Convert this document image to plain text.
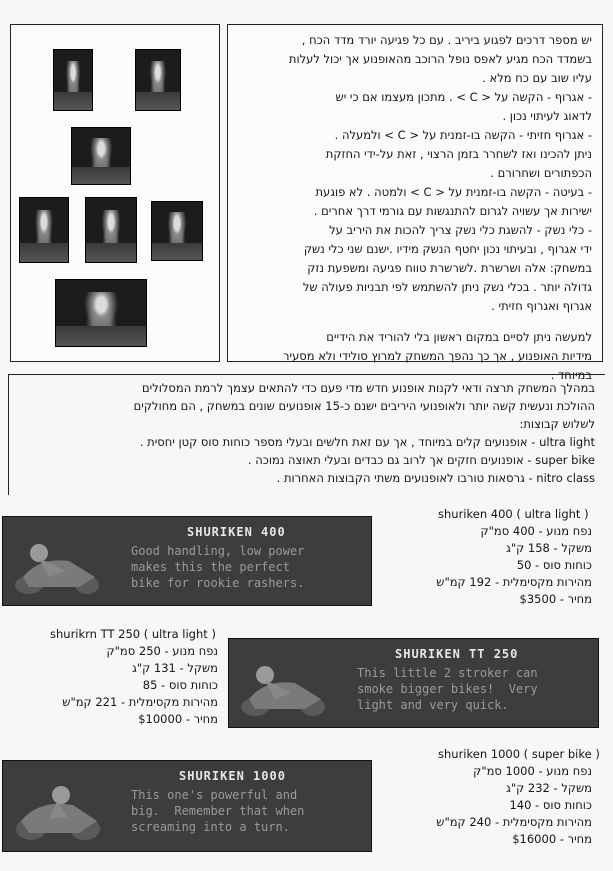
יש מספר דרכים לפגוע ביריב . עם כל פגיעה יורד מדד הכח ,
בשמדד הכח מגיע לאפס נופל הרוכב מהאופנוע אך יכול לעלות
עליו שוב עם כח מלא .

- אגרוף - הקשה על < C > . מתכון מעצמו אם כי יש
לדאוג לעיתוי נכון .

- אגרוף חזיתי - הקשה בו-זמנית על < C > ולמעלה .
ניתן להכינו ואז לשחרר בזמן הרצוי , זאת על-ידי החזקת
הכפתורים ושחרורם .

- בעיטה - הקשה בו-זמנית על < C > ולמטה . לא פוגעת
ישירות אך עשויה לגרום להתנגשות עם גורמי דרך אחרים .

- כלי נשק - להשגת כלי נשק צריך להכות את היריב על
ידי אגרוף , ובעיתוי נכון יחטף הנשק מידיו .ישנם שני כלי נשק
במשחק: אלה ושרשרת .לשרשרת טווח פגיעה ומשפעת נזק
גדולה יותר . בכלי נשק ניתן להשתמש לפי תבניות פעולה של
אגרוף ואגרוף חזיתי .

למעשה ניתן לסיים במקום ראשון בלי להוריד את הידיים
מידיות האופנוע , אך כך נהפך המשחק למרוץ סולידי ולא מסעיר
במיוחד .

במהלך המשחק תרצה ודאי לקנות אופנוע חדש מדי פעם כדי להתאים עצמך לרמת המסלולים
ההולכת ונעשית קשה יותר ולאופנועי היריבים ישנם כ-15 אופנועים שונים במשחק , הם מחולקים
לשלוש קבוצות:
ultra light - אופנועים קלים במיוחד , אך עם זאת חלשים ובעלי מספר כוחות סוס קטן יחסית .
super bike - אופנועים חזקים אך לרוב גם כבדים ובעלי תאוצה נמוכה .
nitro class - גרסאות טורבו לאופנועים משתי הקבוצות האחרות .
SHURIKEN 400
Good handling, low power
makes this the perfect
bike for rookie rashers.
shuriken 400 ( ultra light )
נפח מנוע - 400 סמ"ק
משקל - 158 ק"ג
כוחות סוס - 50
מהירות מקסימלית - 192 קמ"ש
מחיר - $3500
shurikrn TT 250 ( ultra light )
נפח מנוע - 250 סמ"ק
משקל - 131 ק"ג
כוחות סוס - 85
מהירות מקסימלית - 221 קמ"ש
מחיר - $10000
SHURIKEN TT 250
This little 2 stroker can
smoke bigger bikes!  Very
light and very quick.
SHURIKEN 1000
This one's powerful and
big.  Remember that when
screaming into a turn.
shuriken 1000 ( super bike )
נפח מנוע - 1000 סמ"ק
משקל - 232 ק"ג
כוחות סוס - 140
מהירות מקסימלית - 240 קמ"ש
מחיר - $16000
